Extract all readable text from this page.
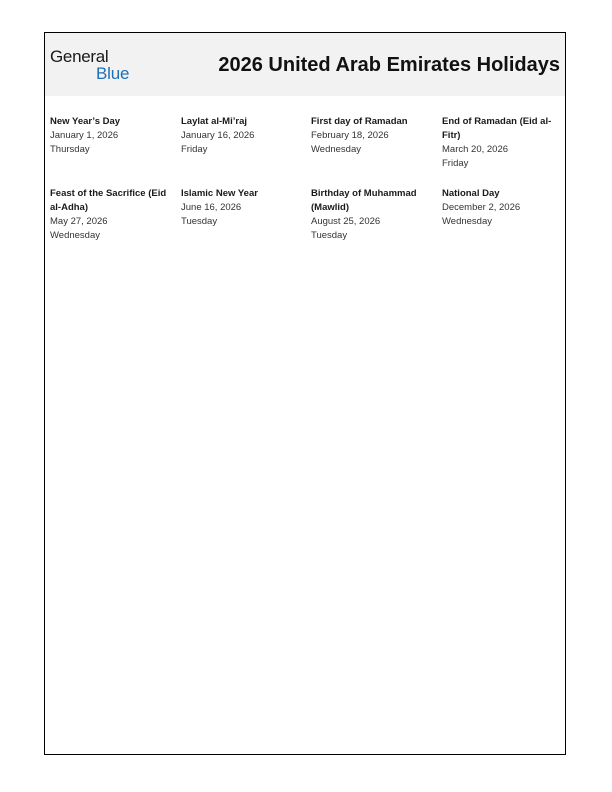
General
Blue	2026 United Arab Emirates Holidays
New Year’s Day
January 1, 2026
Thursday
Laylat al-Mi’raj
January 16, 2026
Friday
First day of Ramadan
February 18, 2026
Wednesday
End of Ramadan (Eid al-Fitr)
March 20, 2026
Friday
Feast of the Sacrifice (Eid al-Adha)
May 27, 2026
Wednesday
Islamic New Year
June 16, 2026
Tuesday
Birthday of Muhammad (Mawlid)
August 25, 2026
Tuesday
National Day
December 2, 2026
Wednesday
